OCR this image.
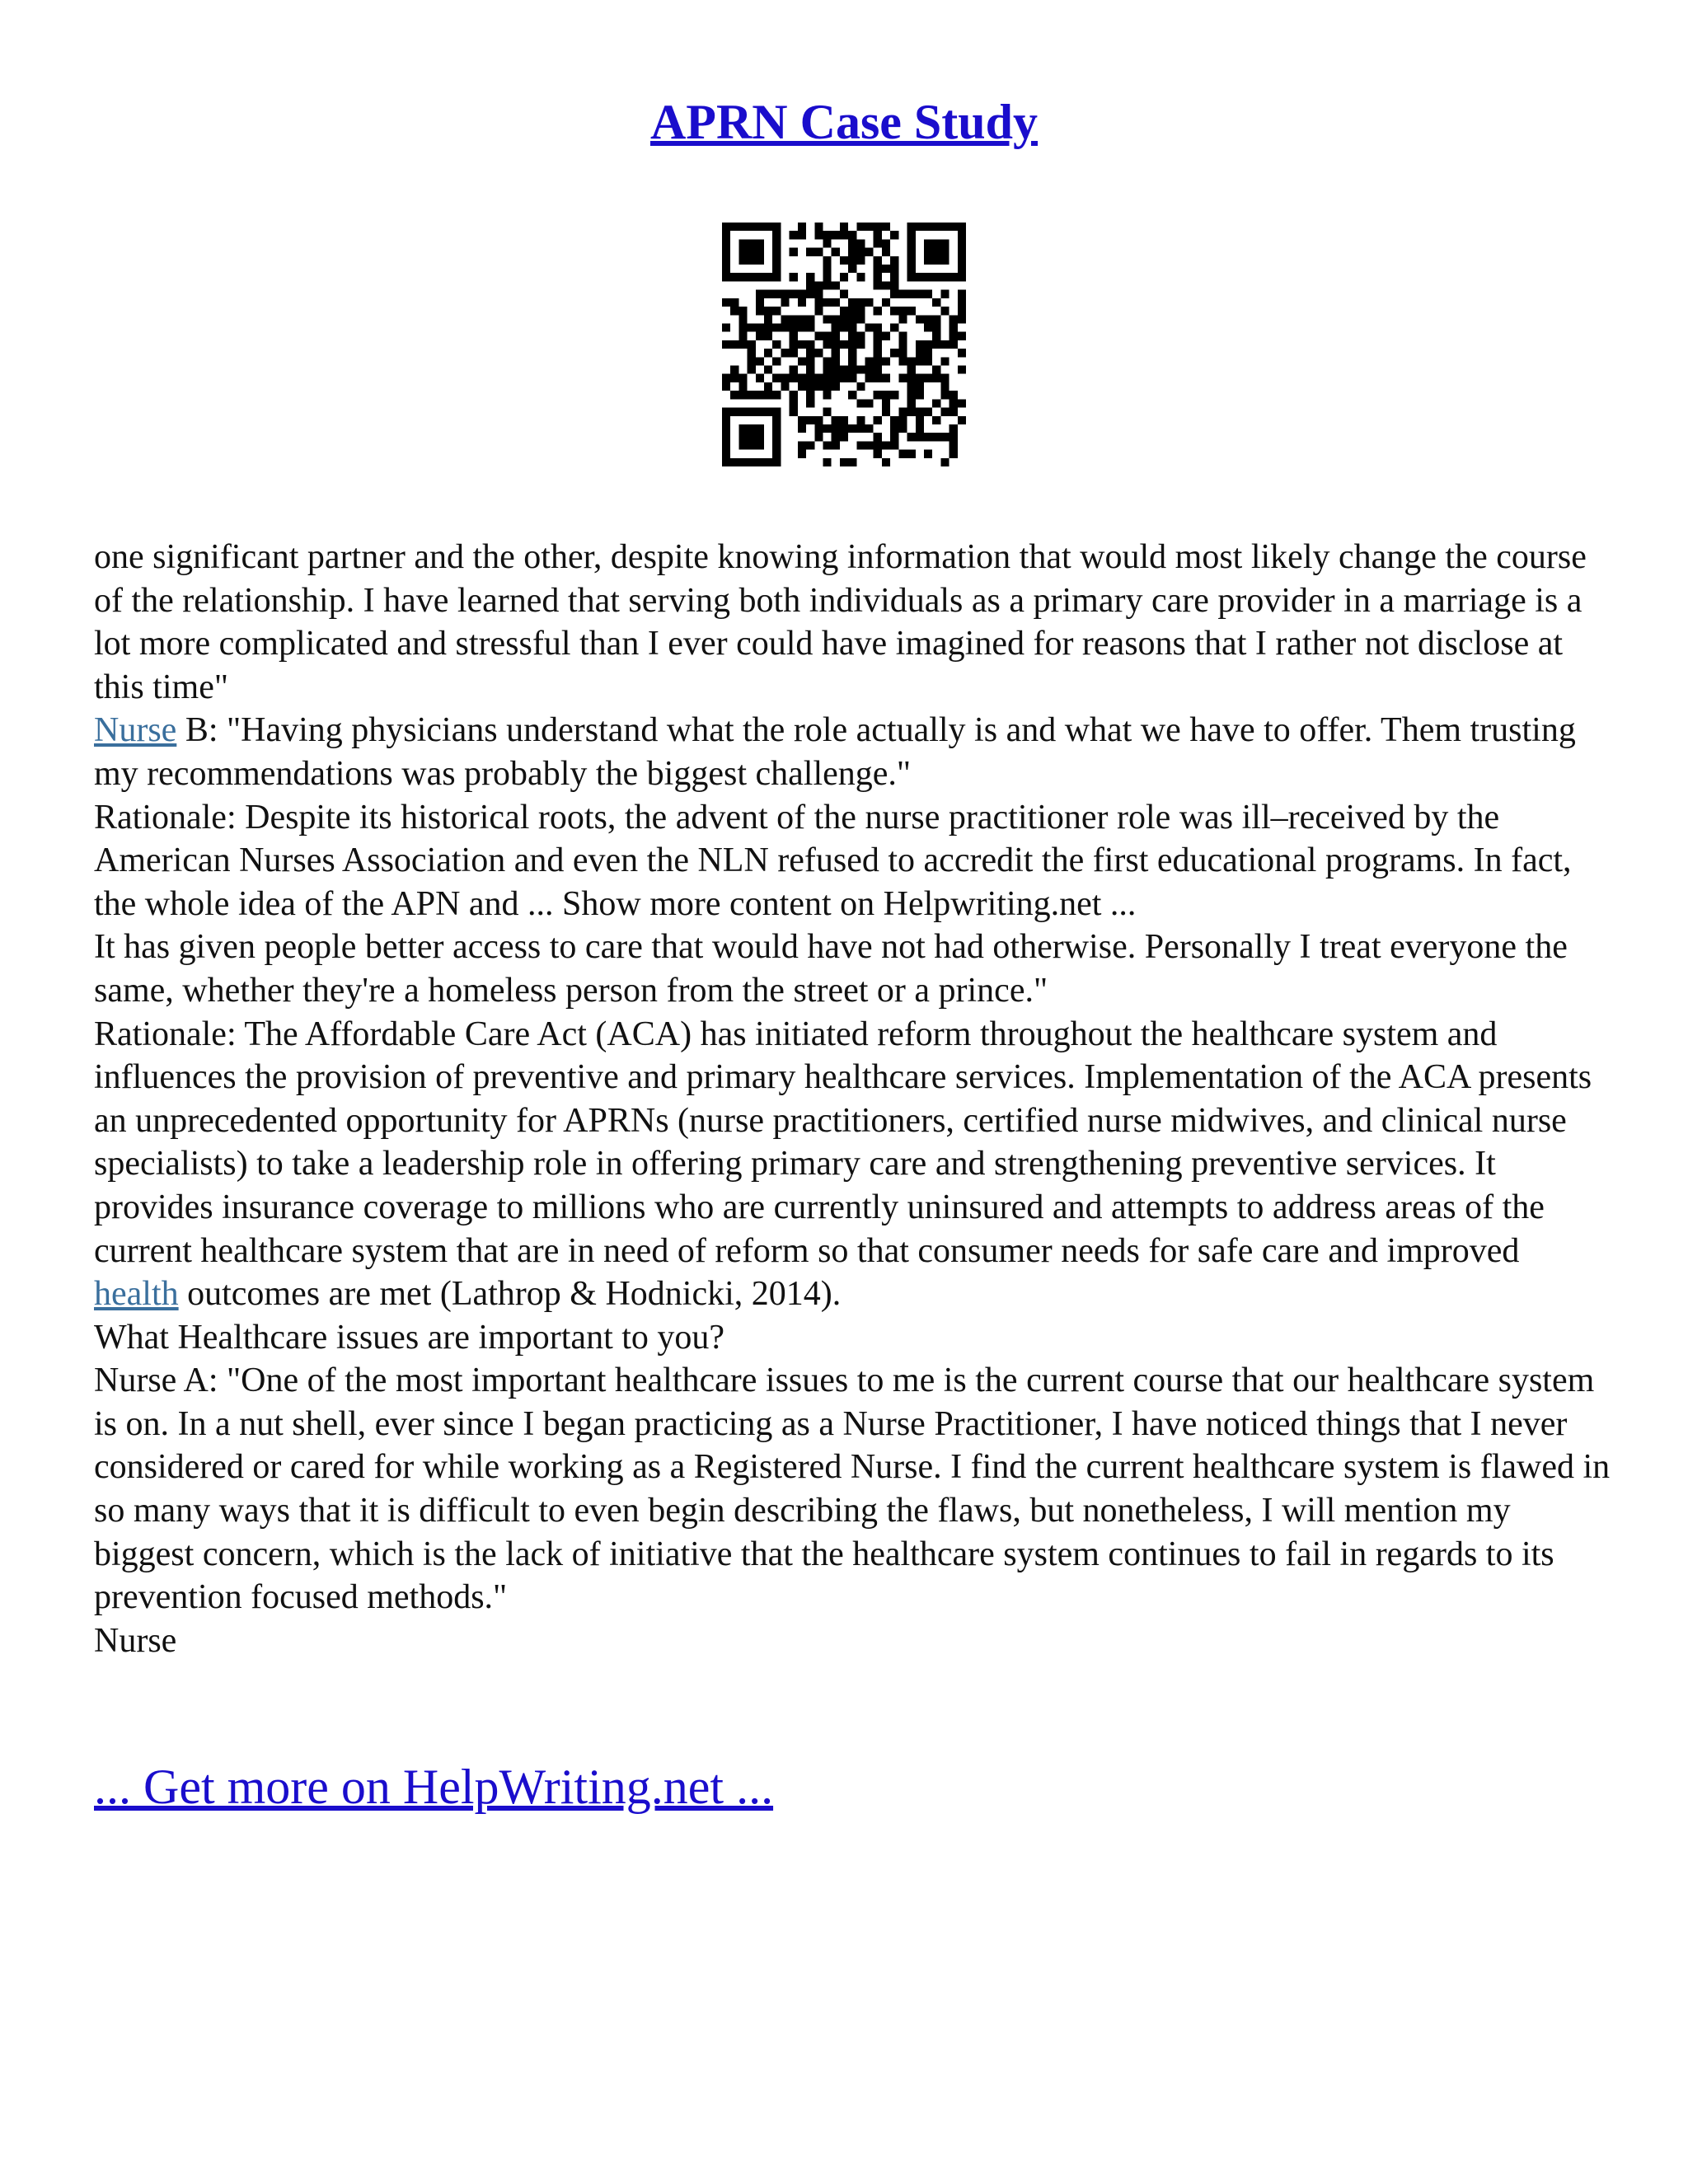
APRN Case Study

one significant partner and the other, despite knowing information that would most likely change the course of the relationship. I have learned that serving both individuals as a primary care provider in a marriage is a lot more complicated and stressful than I ever could have imagined for reasons that I rather not disclose at this time"

Nurse B: "Having physicians understand what the role actually is and what we have to offer. Them trusting my recommendations was probably the biggest challenge."

Rationale: Despite its historical roots, the advent of the nurse practitioner role was ill–received by the American Nurses Association and even the NLN refused to accredit the first educational programs. In fact, the whole idea of the APN and ... Show more content on Helpwriting.net ...

It has given people better access to care that would have not had otherwise. Personally I treat everyone the same, whether they're a homeless person from the street or a prince."

Rationale: The Affordable Care Act (ACA) has initiated reform throughout the healthcare system and influences the provision of preventive and primary healthcare services. Implementation of the ACA presents an unprecedented opportunity for APRNs (nurse practitioners, certified nurse midwives, and clinical nurse specialists) to take a leadership role in offering primary care and strengthening preventive services. It provides insurance coverage to millions who are currently uninsured and attempts to address areas of the current healthcare system that are in need of reform so that consumer needs for safe care and improved health outcomes are met (Lathrop & Hodnicki, 2014).

What Healthcare issues are important to you?

Nurse A: "One of the most important healthcare issues to me is the current course that our healthcare system is on. In a nut shell, ever since I began practicing as a Nurse Practitioner, I have noticed things that I never considered or cared for while working as a Registered Nurse. I find the current healthcare system is flawed in so many ways that it is difficult to even begin describing the flaws, but nonetheless, I will mention my biggest concern, which is the lack of initiative that the healthcare system continues to fail in regards to its prevention focused methods."

Nurse

... Get more on HelpWriting.net ...
